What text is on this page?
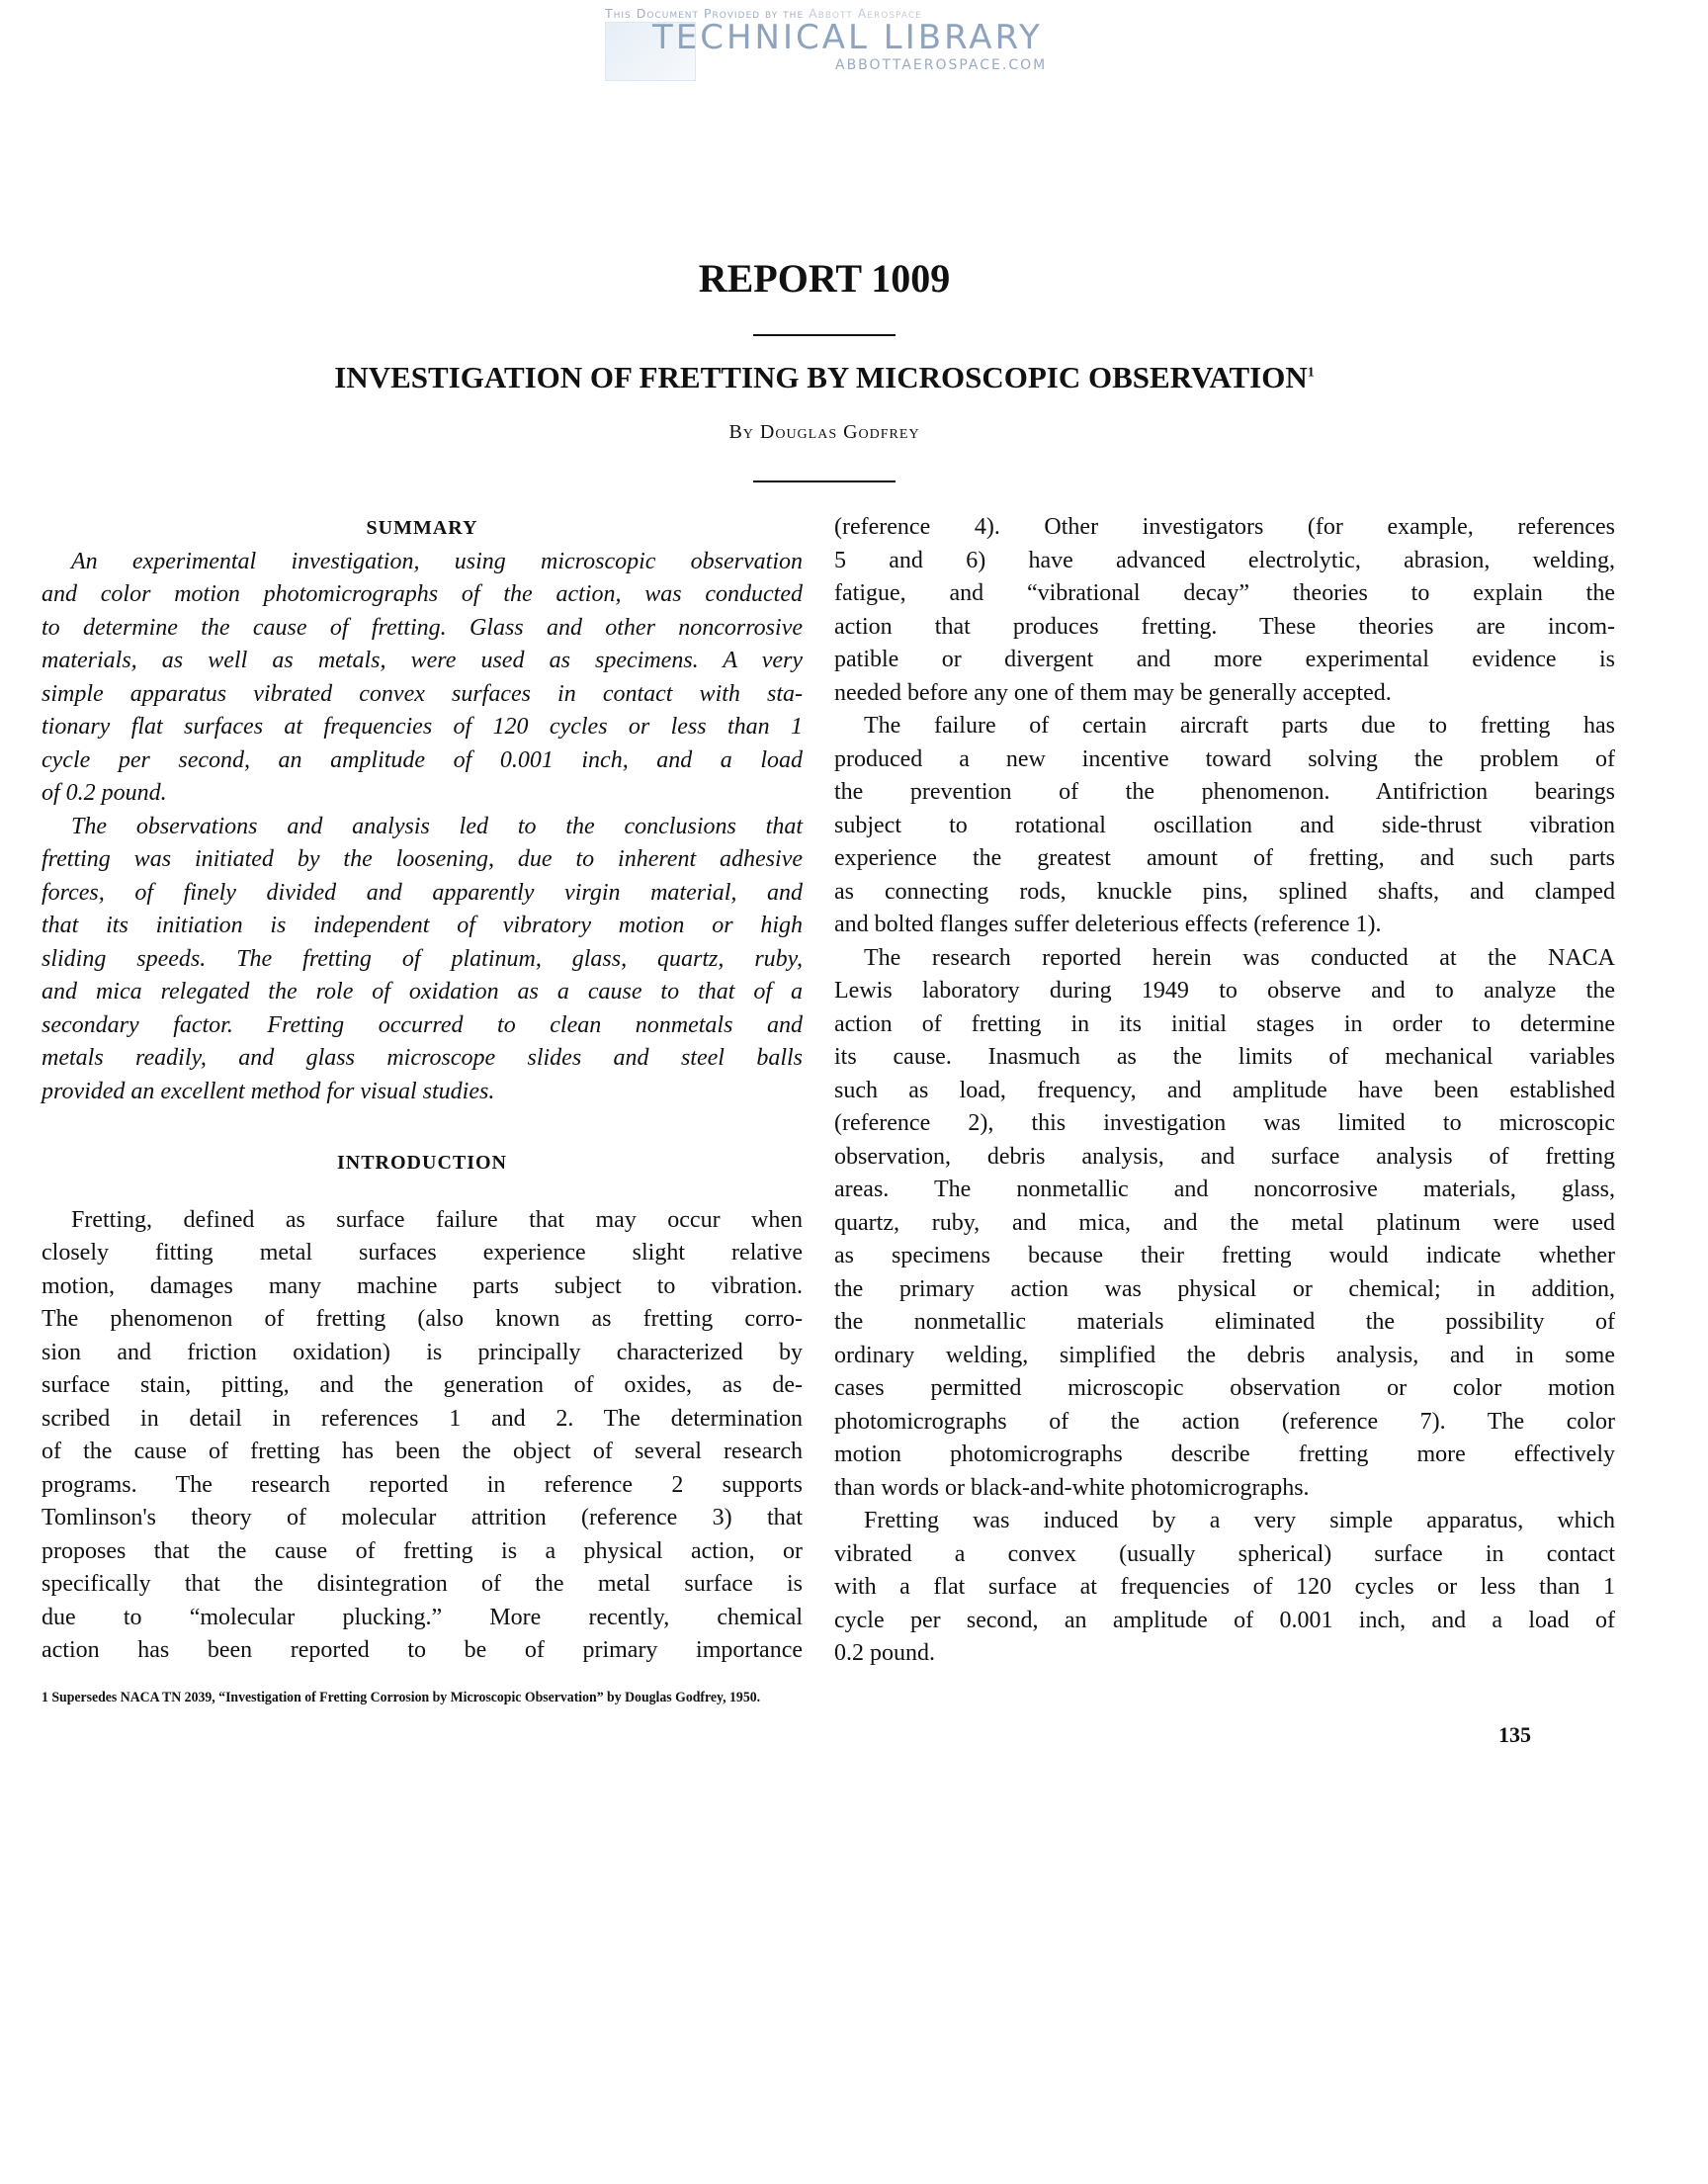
This Document Provided by the Abbott Aerospace
TECHNICAL LIBRARY
ABBOTTAEROSPACE.COM
REPORT 1009
INVESTIGATION OF FRETTING BY MICROSCOPIC OBSERVATION$^1$
By Douglas Godfrey
SUMMARY
An experimental investigation, using microscopic observation
and color motion photomicrographs of the action, was conducted
to determine the cause of fretting. Glass and other noncorrosive
materials, as well as metals, were used as specimens. A very
simple apparatus vibrated convex surfaces in contact with sta-
tionary flat surfaces at frequencies of 120 cycles or less than 1
cycle per second, an amplitude of 0.001 inch, and a load
of 0.2 pound.
The observations and analysis led to the conclusions that
fretting was initiated by the loosening, due to inherent adhesive
forces, of finely divided and apparently virgin material, and
that its initiation is independent of vibratory motion or high
sliding speeds. The fretting of platinum, glass, quartz, ruby,
and mica relegated the role of oxidation as a cause to that of a
secondary factor. Fretting occurred to clean nonmetals and
metals readily, and glass microscope slides and steel balls
provided an excellent method for visual studies.
INTRODUCTION
Fretting, defined as surface failure that may occur when
closely fitting metal surfaces experience slight relative
motion, damages many machine parts subject to vibration.
The phenomenon of fretting (also known as fretting corro-
sion and friction oxidation) is principally characterized by
surface stain, pitting, and the generation of oxides, as de-
scribed in detail in references 1 and 2. The determination
of the cause of fretting has been the object of several research
programs. The research reported in reference 2 supports
Tomlinson's theory of molecular attrition (reference 3) that
proposes that the cause of fretting is a physical action, or
specifically that the disintegration of the metal surface is
due to “molecular plucking.” More recently, chemical
action has been reported to be of primary importance
(reference 4). Other investigators (for example, references
5 and 6) have advanced electrolytic, abrasion, welding,
fatigue, and “vibrational decay” theories to explain the
action that produces fretting. These theories are incom-
patible or divergent and more experimental evidence is
needed before any one of them may be generally accepted.
The failure of certain aircraft parts due to fretting has
produced a new incentive toward solving the problem of
the prevention of the phenomenon. Antifriction bearings
subject to rotational oscillation and side-thrust vibration
experience the greatest amount of fretting, and such parts
as connecting rods, knuckle pins, splined shafts, and clamped
and bolted flanges suffer deleterious effects (reference 1).
The research reported herein was conducted at the NACA
Lewis laboratory during 1949 to observe and to analyze the
action of fretting in its initial stages in order to determine
its cause. Inasmuch as the limits of mechanical variables
such as load, frequency, and amplitude have been established
(reference 2), this investigation was limited to microscopic
observation, debris analysis, and surface analysis of fretting
areas. The nonmetallic and noncorrosive materials, glass,
quartz, ruby, and mica, and the metal platinum were used
as specimens because their fretting would indicate whether
the primary action was physical or chemical; in addition,
the nonmetallic materials eliminated the possibility of
ordinary welding, simplified the debris analysis, and in some
cases permitted microscopic observation or color motion
photomicrographs of the action (reference 7). The color
motion photomicrographs describe fretting more effectively
than words or black-and-white photomicrographs.
Fretting was induced by a very simple apparatus, which
vibrated a convex (usually spherical) surface in contact
with a flat surface at frequencies of 120 cycles or less than 1
cycle per second, an amplitude of 0.001 inch, and a load of
0.2 pound.
1 Supersedes NACA TN 2039, “Investigation of Fretting Corrosion by Microscopic Observation” by Douglas Godfrey, 1950.
135
